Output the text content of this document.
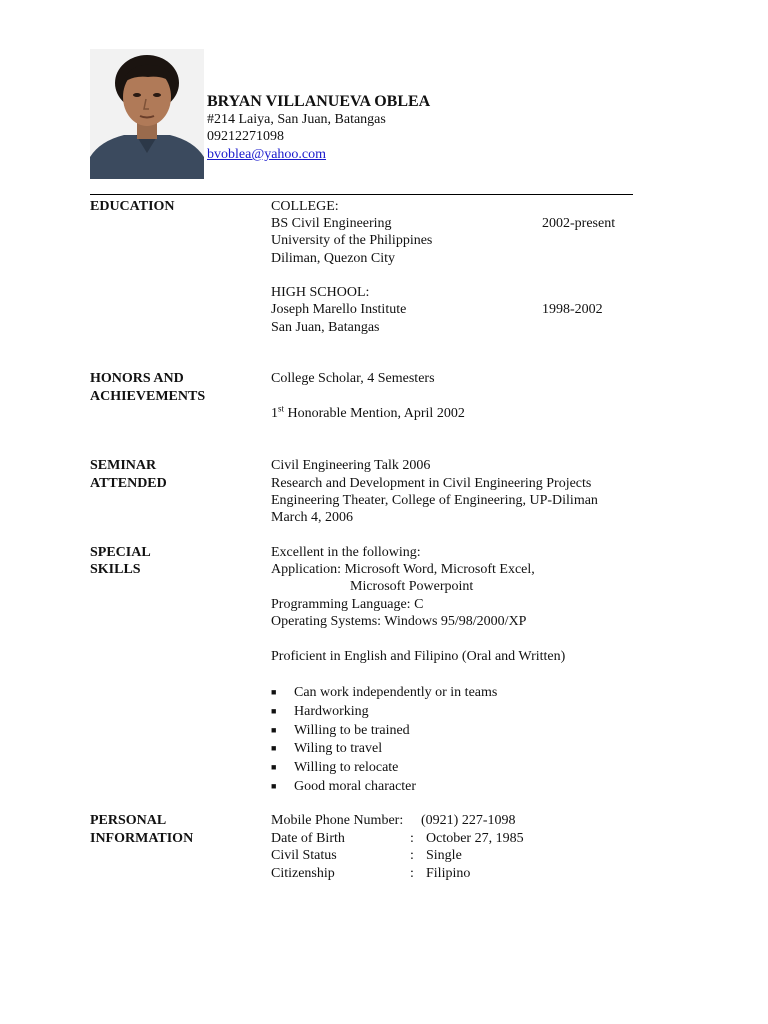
BRYAN VILLANUEVA OBLEA
#214 Laiya, San Juan, Batangas
09212271098
bvoblea@yahoo.com
EDUCATION	COLLEGE:
BS Civil Engineering	2002-present
University of the Philippines
Diliman, Quezon City
HIGH SCHOOL:
Joseph Marello Institute	1998-2002
San Juan, Batangas
HONORS AND
ACHIEVEMENTS
College Scholar, 4 Semesters
1st Honorable Mention, April 2002
SEMINAR
ATTENDED
Civil Engineering Talk 2006
Research and Development in Civil Engineering Projects
Engineering Theater, College of Engineering, UP-Diliman
March 4, 2006
SPECIAL
SKILLS
Excellent in the following:
Application: Microsoft Word, Microsoft Excel,
Microsoft Powerpoint
Programming Language: C
Operating Systems: Windows 95/98/2000/XP
Proficient in English and Filipino (Oral and Written)
■ Can work independently or in teams
■ Hardworking
■ Willing to be trained
■ Wiling to travel
■ Willing to relocate
■ Good moral character
PERSONAL
INFORMATION
Mobile Phone Number: (0921) 227-1098
Date of Birth	: October 27, 1985
Civil Status	: Single
Citizenship	: Filipino
